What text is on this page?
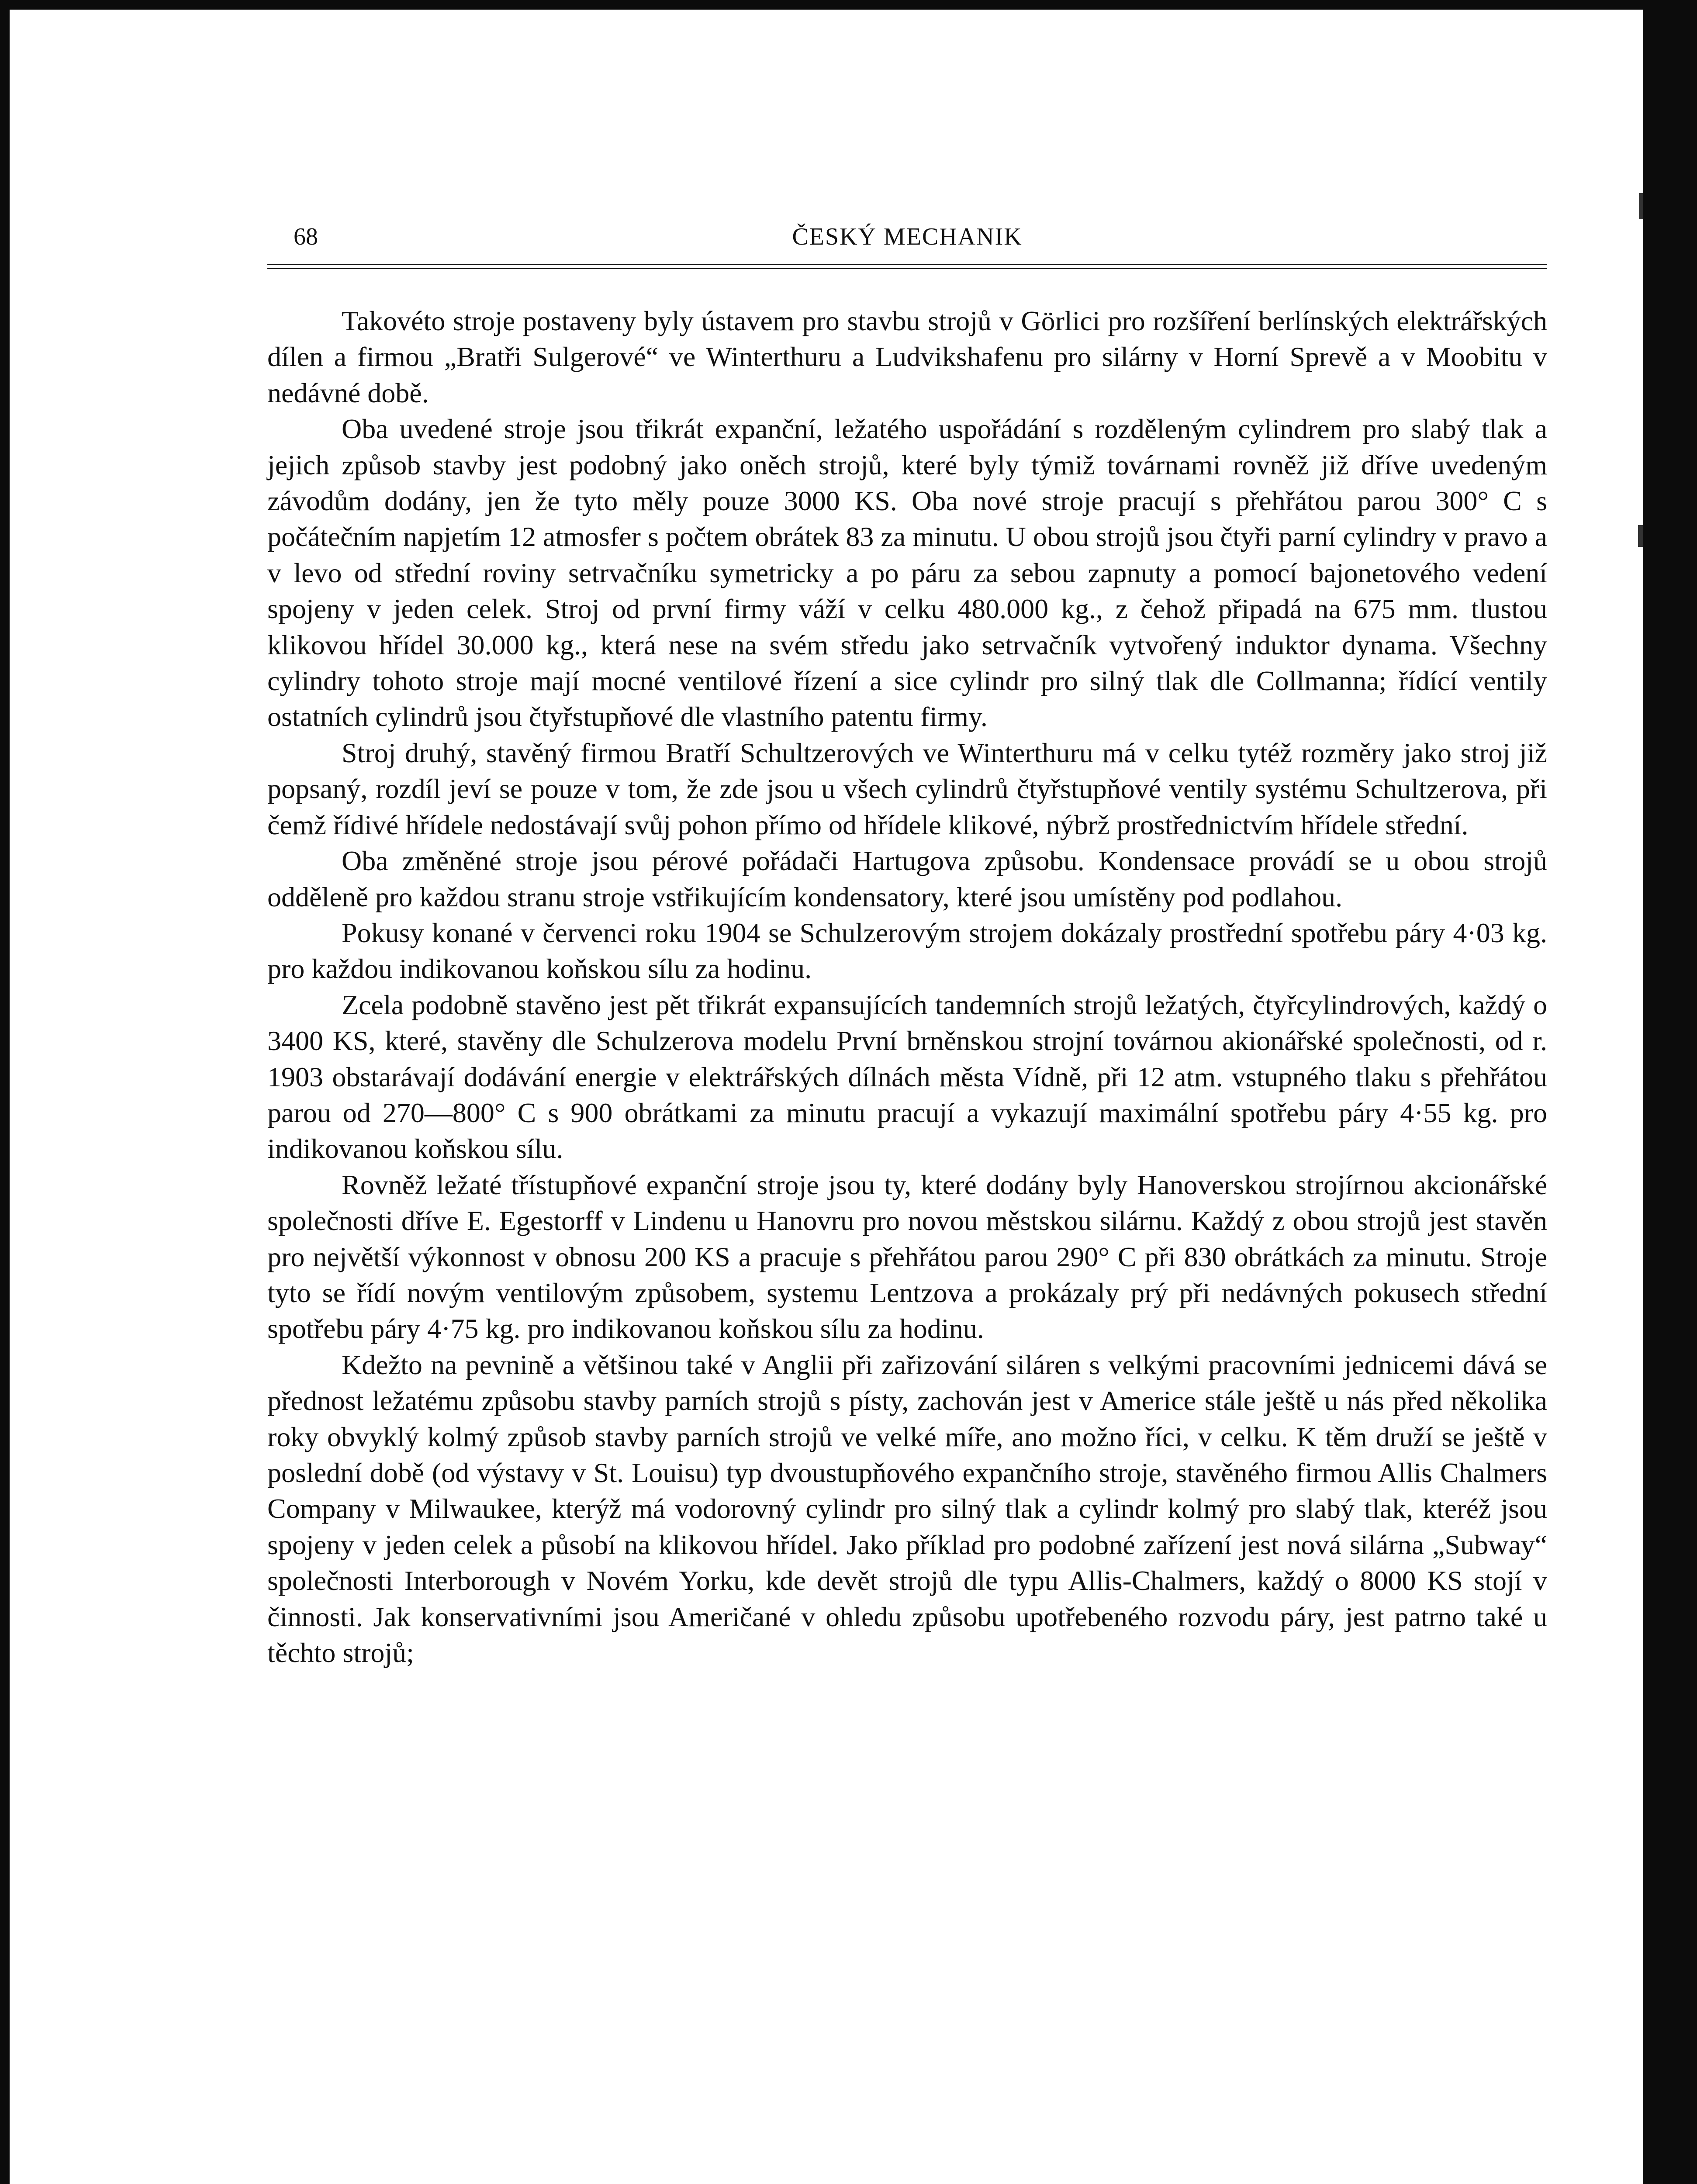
68	ČESKÝ MECHANIK

Takovéto stroje postaveny byly ústavem pro stavbu strojů v Görlici pro rozšíření berlínských elektrářských dílen a firmou „Bratři Sulgerové“ ve Winterthuru a Ludvikshafenu pro silárny v Horní Sprevě a v Moobitu v nedávné době.

Oba uvedené stroje jsou třikrát expanční, ležatého uspořádání s rozděleným cylindrem pro slabý tlak a jejich způsob stavby jest podobný jako oněch strojů, které byly týmiž továrnami rovněž již dříve uvedeným závodům dodány, jen že tyto měly pouze 3000 KS. Oba nové stroje pracují s přehřátou parou 300° C s počátečním napjetím 12 atmosfer s počtem obrátek 83 za minutu. U obou strojů jsou čtyři parní cylindry v pravo a v levo od střední roviny setrvačníku symetricky a po páru za sebou zapnuty a pomocí bajonetového vedení spojeny v jeden celek. Stroj od první firmy váží v celku 480.000 kg., z čehož připadá na 675 mm. tlustou klikovou hřídel 30.000 kg., která nese na svém středu jako setrvačník vytvořený induktor dynama. Všechny cylindry tohoto stroje mají mocné ventilové řízení a sice cylindr pro silný tlak dle Collmanna; řídící ventily ostatních cylindrů jsou čtyřstupňové dle vlastního patentu firmy.

Stroj druhý, stavěný firmou Bratří Schultzerových ve Winterthuru má v celku tytéž rozměry jako stroj již popsaný, rozdíl jeví se pouze v tom, že zde jsou u všech cylindrů čtyřstupňové ventily systému Schultzerova, při čemž řídivé hřídele nedostávají svůj pohon přímo od hřídele klikové, nýbrž prostřednictvím hřídele střední.

Oba změněné stroje jsou pérové pořádači Hartugova způsobu. Kondensace provádí se u obou strojů odděleně pro každou stranu stroje vstřikujícím kondensatory, které jsou umístěny pod podlahou.

Pokusy konané v červenci roku 1904 se Schulzerovým strojem dokázaly prostřední spotřebu páry 4·03 kg. pro každou indikovanou koňskou sílu za hodinu.

Zcela podobně stavěno jest pět třikrát expansujících tandemních strojů ležatých, čtyřcylindrových, každý o 3400 KS, které, stavěny dle Schulzerova modelu První brněnskou strojní továrnou akionářské společnosti, od r. 1903 obstarávají dodávání energie v elektrářských dílnách města Vídně, při 12 atm. vstupného tlaku s přehřátou parou od 270—800° C s 900 obrátkami za minutu pracují a vykazují maximální spotřebu páry 4·55 kg. pro indikovanou koňskou sílu.

Rovněž ležaté třístupňové expanční stroje jsou ty, které dodány byly Hanoverskou strojírnou akcionářské společnosti dříve E. Egestorff v Lindenu u Hanovru pro novou městskou silárnu. Každý z obou strojů jest stavěn pro největší výkonnost v obnosu 200 KS a pracuje s přehřátou parou 290° C při 830 obrátkách za minutu. Stroje tyto se řídí novým ventilovým způsobem, systemu Lentzova a prokázaly prý při nedávných pokusech střední spotřebu páry 4·75 kg. pro indikovanou koňskou sílu za hodinu.

Kdežto na pevnině a většinou také v Anglii při zařizování siláren s velkými pracovními jednicemi dává se přednost ležatému způsobu stavby parních strojů s písty, zachován jest v Americe stále ještě u nás před několika roky obvyklý kolmý způsob stavby parních strojů ve velké míře, ano možno říci, v celku. K těm druží se ještě v poslední době (od výstavy v St. Louisu) typ dvoustupňového expančního stroje, stavěného firmou Allis Chalmers Company v Milwaukee, kterýž má vodorovný cylindr pro silný tlak a cylindr kolmý pro slabý tlak, kteréž jsou spojeny v jeden celek a působí na klikovou hřídel. Jako příklad pro podobné zařízení jest nová silárna „Subway“ společnosti Interborough v Novém Yorku, kde devět strojů dle typu Allis-Chalmers, každý o 8000 KS stojí v činnosti. Jak konservativními jsou Američané v ohledu způsobu upotřebeného rozvodu páry, jest patrno také u těchto strojů;
